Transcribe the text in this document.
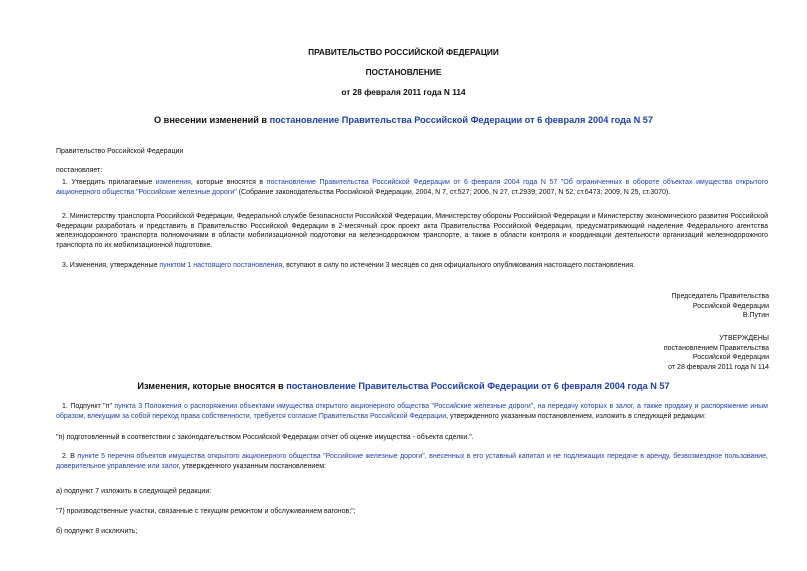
ПРАВИТЕЛЬСТВО РОССИЙСКОЙ ФЕДЕРАЦИИ
ПОСТАНОВЛЕНИЕ
от 28 февраля 2011 года N 114
О внесении изменений в постановление Правительства Российской Федерации от 6 февраля 2004 года N 57
Правительство Российской Федерации
постановляет:
1. Утвердить прилагаемые изменения, которые вносятся в постановление Правительства Российской Федерации от 6 февраля 2004 года N 57 "Об ограниченных в обороте объектах имущества открытого акционерного общества "Российские железные дороги" (Собрание законодательства Российской Федерации, 2004, N 7, ст.527; 2006, N 27, ст.2939; 2007, N 52, ст.6473; 2009, N 25, ст.3070).
2. Министерству транспорта Российской Федерации, Федеральной службе безопасности Российской Федерации, Министерству обороны Российской Федерации и Министерству экономического развития Российской Федерации разработать и представить в Правительство Российской Федерации в 2-месячный срок проект акта Правительства Российской Федерации, предусматривающий наделение Федерального агентства железнодорожного транспорта полномочиями в области мобилизационной подготовки на железнодорожном транспорте, а также в области контроля и координации деятельности организаций железнодорожного транспорта по их мобилизационной подготовке.
3. Изменения, утвержденные пунктом 1 настоящего постановления, вступают в силу по истечении 3 месяцев со дня официального опубликования настоящего постановления.
Председатель Правительства
Российской Федерации
В.Путин
УТВЕРЖДЕНЫ
постановлением Правительства
Российской Федерации
от 28 февраля 2011 года N 114
Изменения, которые вносятся в постановление Правительства Российской Федерации от 6 февраля 2004 года N 57
1. Подпункт "п" пункта 3 Положения о распоряжении объектами имущества открытого акционерного общества "Российские железные дороги", на передачу которых в залог, а также продажу и распоряжение иным образом, влекущим за собой переход права собственности, требуется согласие Правительства Российской Федерации, утвержденного указанным постановлением, изложить в следующей редакции:
"п) подготовленный в соответствии с законодательством Российской Федерации отчет об оценке имущества - объекта сделки.".
2. В пункте 5 перечня объектов имущества открытого акционерного общества "Российские железные дороги", внесенных в его уставный капитал и не подлежащих передаче в аренду, безвозмездное пользование, доверительное управление или залог, утвержденного указанным постановлением:
а) подпункт 7 изложить в следующей редакции:
"7) производственные участки, связанные с текущим ремонтом и обслуживанием вагонов;";
б) подпункт 8 исключить;
